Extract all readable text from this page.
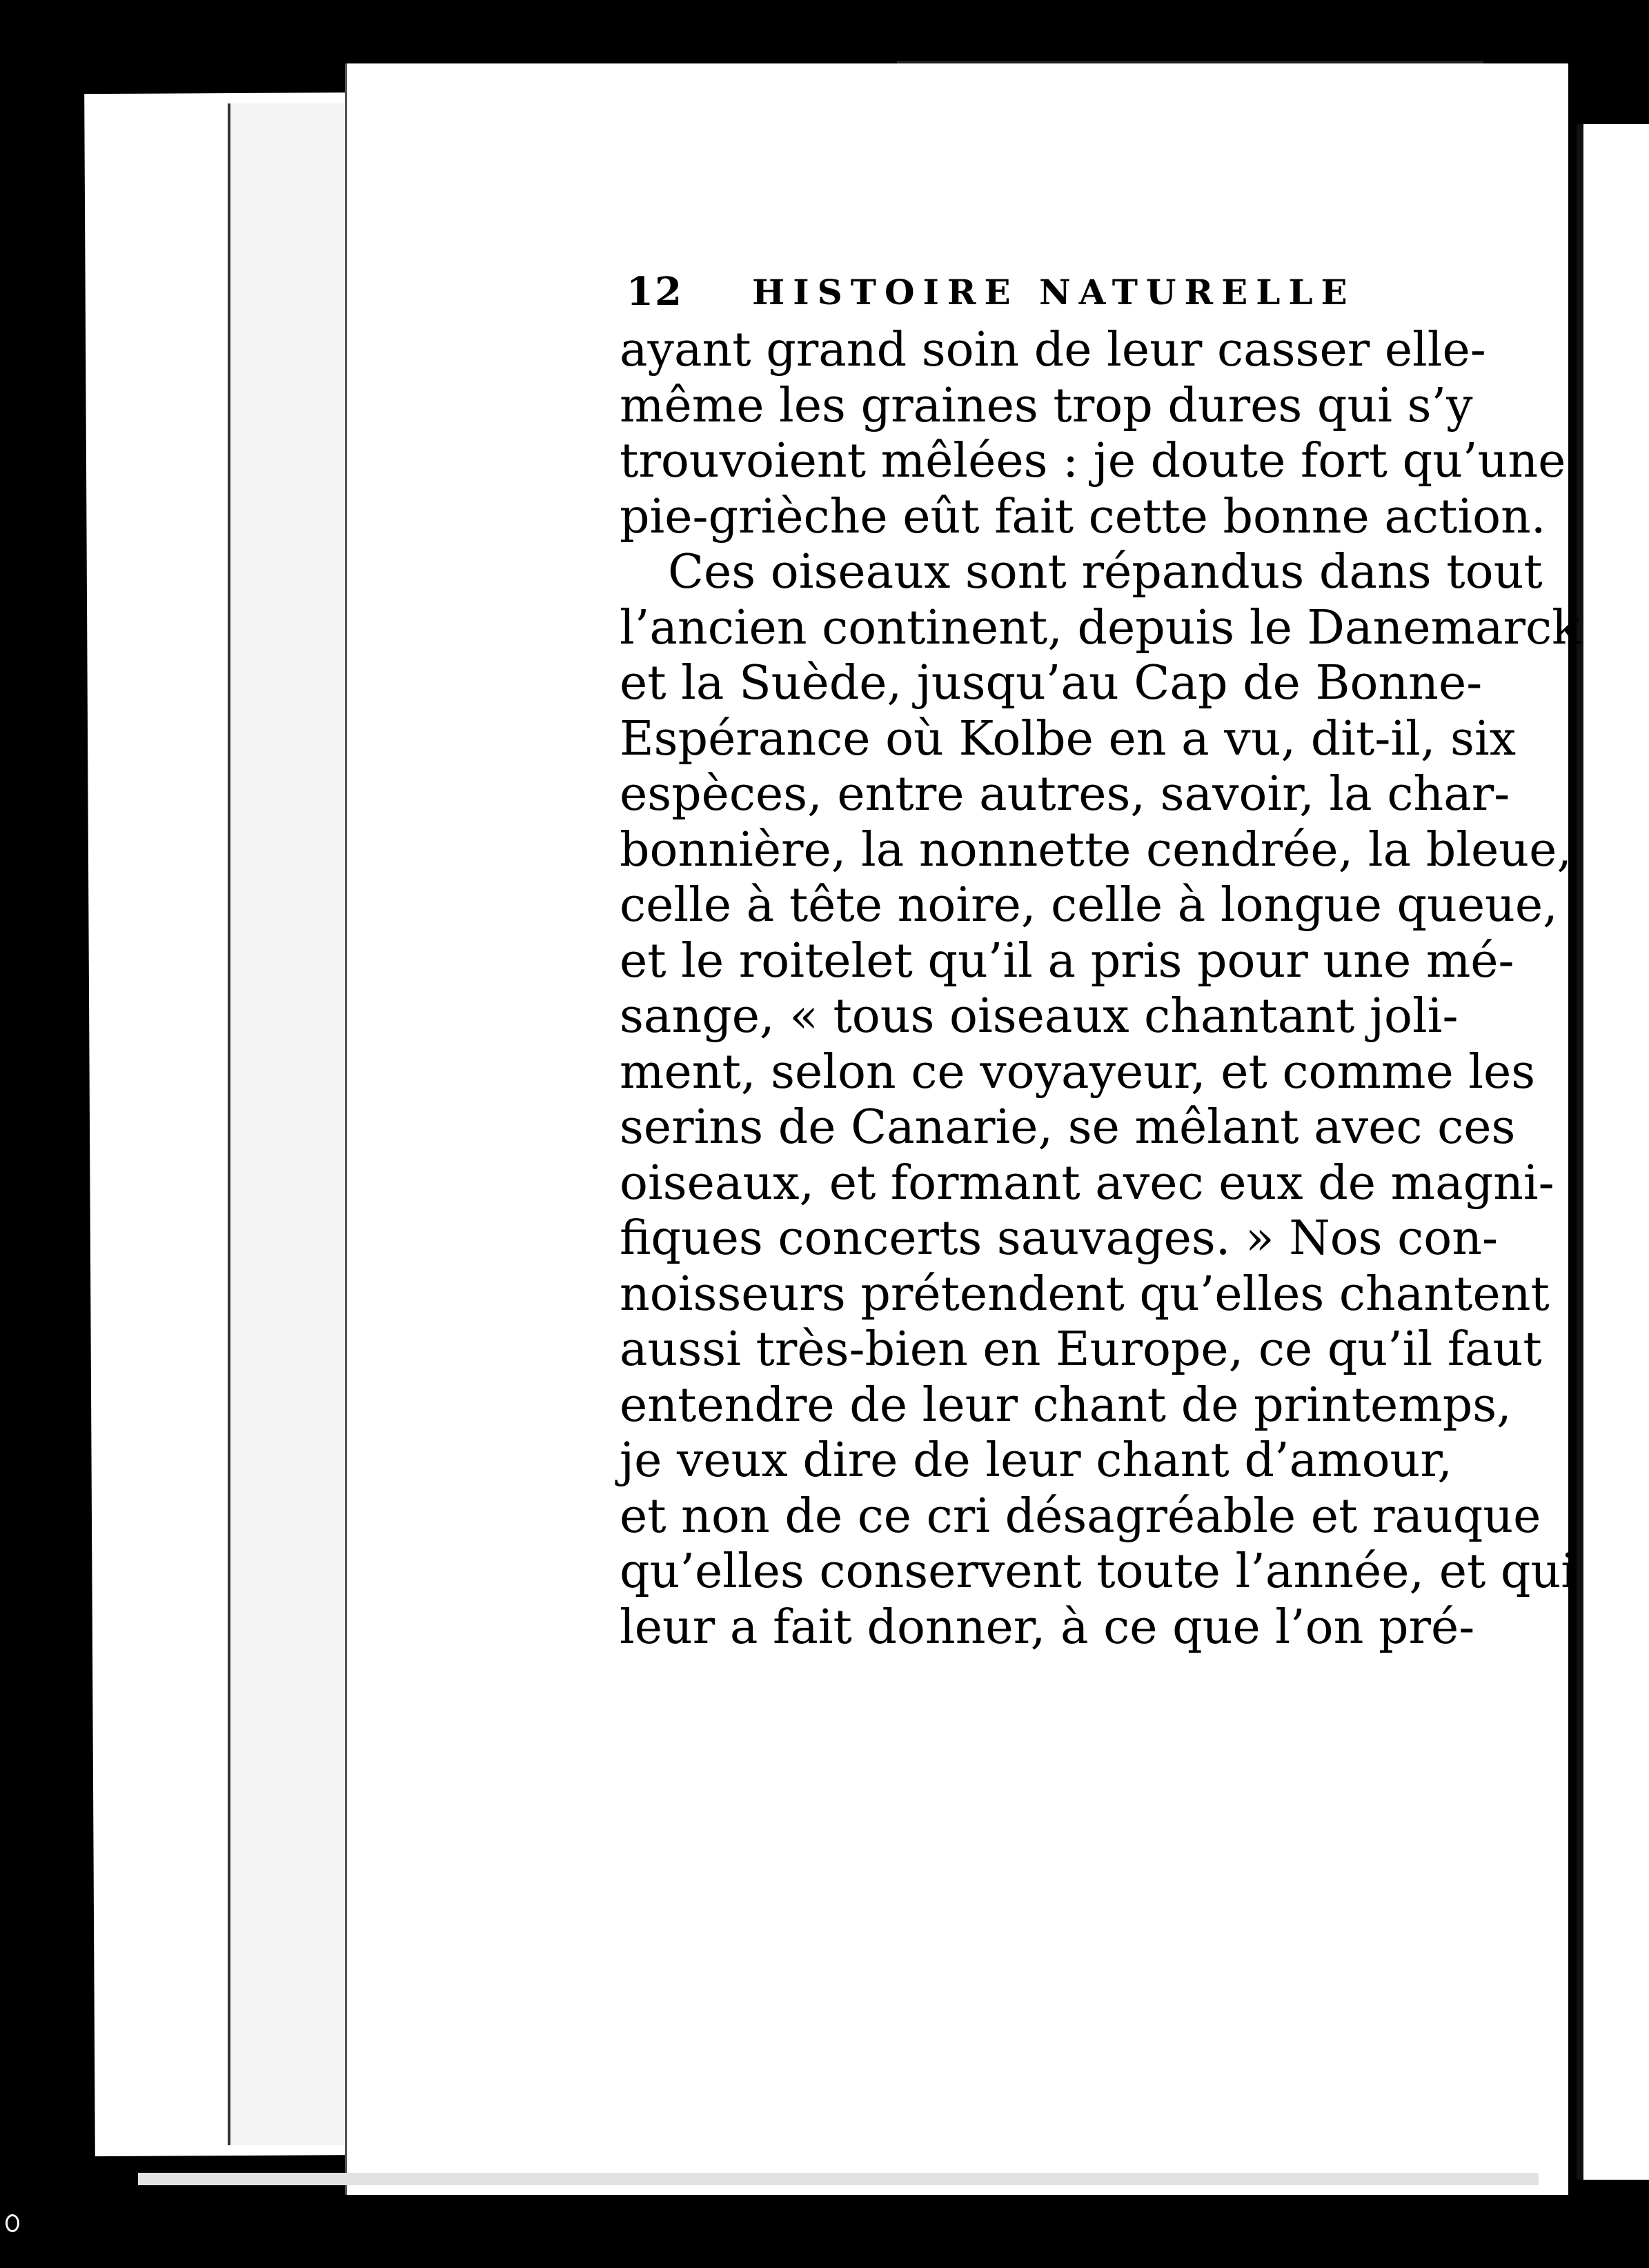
12 HISTOIRE NATURELLE
ayant grand soin de leur casser elle-
même les graines trop dures qui s’y
trouvoient mêlées : je doute fort qu’une
pie-grièche eût fait cette bonne action.
Ces oiseaux sont répandus dans tout
l’ancien continent, depuis le Danemarck
et la Suède, jusqu’au Cap de Bonne-
Espérance où Kolbe en a vu, dit-il, six
espèces, entre autres, savoir, la char-
bonnière, la nonnette cendrée, la bleue,
celle à tête noire, celle à longue queue,
et le roitelet qu’il a pris pour une mé-
sange, « tous oiseaux chantant joli-
ment, selon ce voyayeur, et comme les
serins de Canarie, se mêlant avec ces
oiseaux, et formant avec eux de magni-
fiques concerts sauvages. » Nos con-
noisseurs prétendent qu’elles chantent
aussi très-bien en Europe, ce qu’il faut
entendre de leur chant de printemps,
je veux dire de leur chant d’amour,
et non de ce cri désagréable et rauque
qu’elles conservent toute l’année, et qui
leur a fait donner, à ce que l’on pré-
